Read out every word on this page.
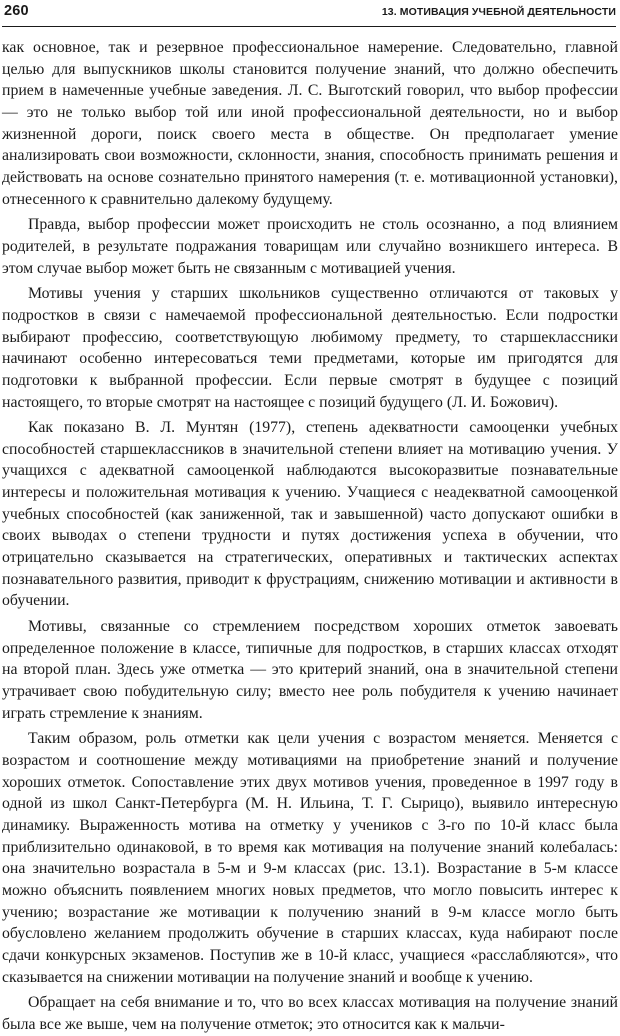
260	13. МОТИВАЦИЯ УЧЕБНОЙ ДЕЯТЕЛЬНОСТИ

как основное, так и резервное профессиональное намерение. Следовательно, главной целью для выпускников школы становится получение знаний, что должно обеспечить прием в намеченные учебные заведения. Л. С. Выготский говорил, что выбор профессии — это не только выбор той или иной профессиональной деятельности, но и выбор жизненной дороги, поиск своего места в обществе. Он предполагает умение анализировать свои возможности, склонности, знания, способность принимать решения и действовать на основе сознательно принятого намерения (т. е. мотивационной установки), отнесенного к сравнительно далекому будущему.

Правда, выбор профессии может происходить не столь осознанно, а под влиянием родителей, в результате подражания товарищам или случайно возникшего интереса. В этом случае выбор может быть не связанным с мотивацией учения.

Мотивы учения у старших школьников существенно отличаются от таковых у подростков в связи с намечаемой профессиональной деятельностью. Если подростки выбирают профессию, соответствующую любимому предмету, то старшеклассники начинают особенно интересоваться теми предметами, которые им пригодятся для подготовки к выбранной профессии. Если первые смотрят в будущее с позиций настоящего, то вторые смотрят на настоящее с позиций будущего (Л. И. Божович).

Как показано В. Л. Мунтян (1977), степень адекватности самооценки учебных способностей старшеклассников в значительной степени влияет на мотивацию учения. У учащихся с адекватной самооценкой наблюдаются высокоразвитые познавательные интересы и положительная мотивация к учению. Учащиеся с неадекватной самооценкой учебных способностей (как заниженной, так и завышенной) часто допускают ошибки в своих выводах о степени трудности и путях достижения успеха в обучении, что отрицательно сказывается на стратегических, оперативных и тактических аспектах познавательного развития, приводит к фрустрациям, снижению мотивации и активности в обучении.

Мотивы, связанные со стремлением посредством хороших отметок завоевать определенное положение в классе, типичные для подростков, в старших классах отходят на второй план. Здесь уже отметка — это критерий знаний, она в значительной степени утрачивает свою побудительную силу; вместо нее роль побудителя к учению начинает играть стремление к знаниям.

Таким образом, роль отметки как цели учения с возрастом меняется. Меняется с возрастом и соотношение между мотивациями на приобретение знаний и получение хороших отметок. Сопоставление этих двух мотивов учения, проведенное в 1997 году в одной из школ Санкт-Петербурга (М. Н. Ильина, Т. Г. Сырицо), выявило интересную динамику. Выраженность мотива на отметку у учеников с 3-го по 10-й класс была приблизительно одинаковой, в то время как мотивация на получение знаний колебалась: она значительно возрастала в 5-м и 9-м классах (рис. 13.1). Возрастание в 5-м классе можно объяснить появлением многих новых предметов, что могло повысить интерес к учению; возрастание же мотивации к получению знаний в 9-м классе могло быть обусловлено желанием продолжить обучение в старших классах, куда набирают после сдачи конкурсных экзаменов. Поступив же в 10-й класс, учащиеся «расслабляются», что сказывается на снижении мотивации на получение знаний и вообще к учению.

Обращает на себя внимание и то, что во всех классах мотивация на получение знаний была все же выше, чем на получение отметок; это относится как к мальчи-
